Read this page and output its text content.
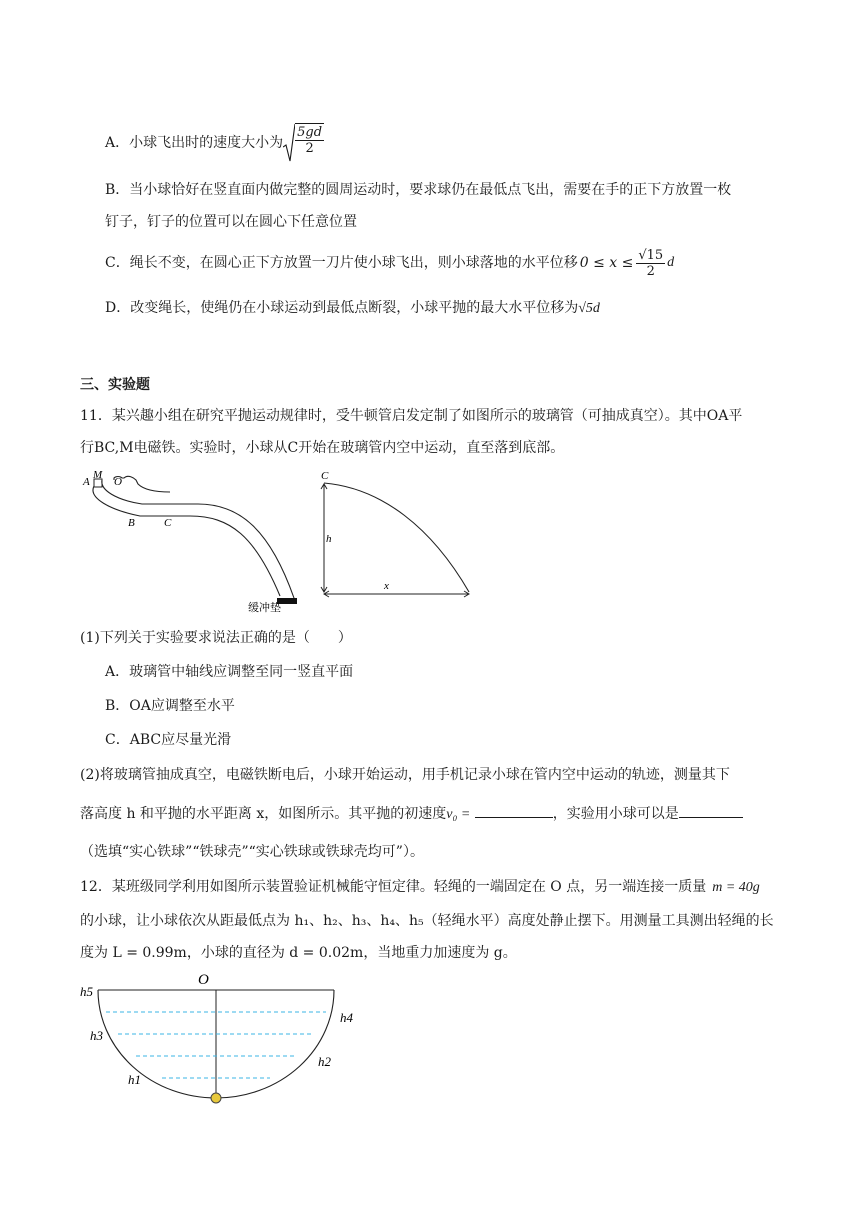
A．小球飞出时的速度大小为 $\frac{5gd}{2}$
B．当小球恰好在竖直面内做完整的圆周运动时，要求球仍在最低点飞出，需要在手的正下方放置一枚
钉子，钉子的位置可以在圆心下任意位置
C．绳长不变，在圆心正下方放置一刀片使小球飞出，则小球落地的水平位移 $0 \le x \le \frac{√15}{2}$ d
D．改变绳长，使绳仍在小球运动到最低点断裂，小球平抛的最大水平位移为√5d
三、实验题
11．某兴趣小组在研究平抛运动规律时，受牛顿管启发定制了如图所示的玻璃管（可抽成真空）。其中OA平
行BC,M电磁铁。实验时，小球从C开始在玻璃管内空中运动，直至落到底部。
A
M
O
B	C
缓冲垫
C
h
x
(1)下列关于实验要求说法正确的是（　　）
A．玻璃管中轴线应调整至同一竖直平面
B．OA应调整至水平
C．ABC应尽量光滑
(2)将玻璃管抽成真空，电磁铁断电后，小球开始运动，用手机记录小球在管内空中运动的轨迹，测量其下
落高度 h 和平抛的水平距离 x，如图所示。其平抛的初速度v₀ =	，实验用小球可以是
（选填“实心铁球”“铁球壳”“实心铁球或铁球壳均可”）。
12．某班级同学利用如图所示装置验证机械能守恒定律。轻绳的一端固定在 O 点，另一端连接一质量 m = 40g
的小球，让小球依次从距最低点为 h₁、h₂、h₃、h₄、h₅（轻绳水平）高度处静止摆下。用测量工具测出轻绳的长
度为 L = 0.99m，小球的直径为 d = 0.02m，当地重力加速度为 g。
O
h5
h4
h3
h2
h1
